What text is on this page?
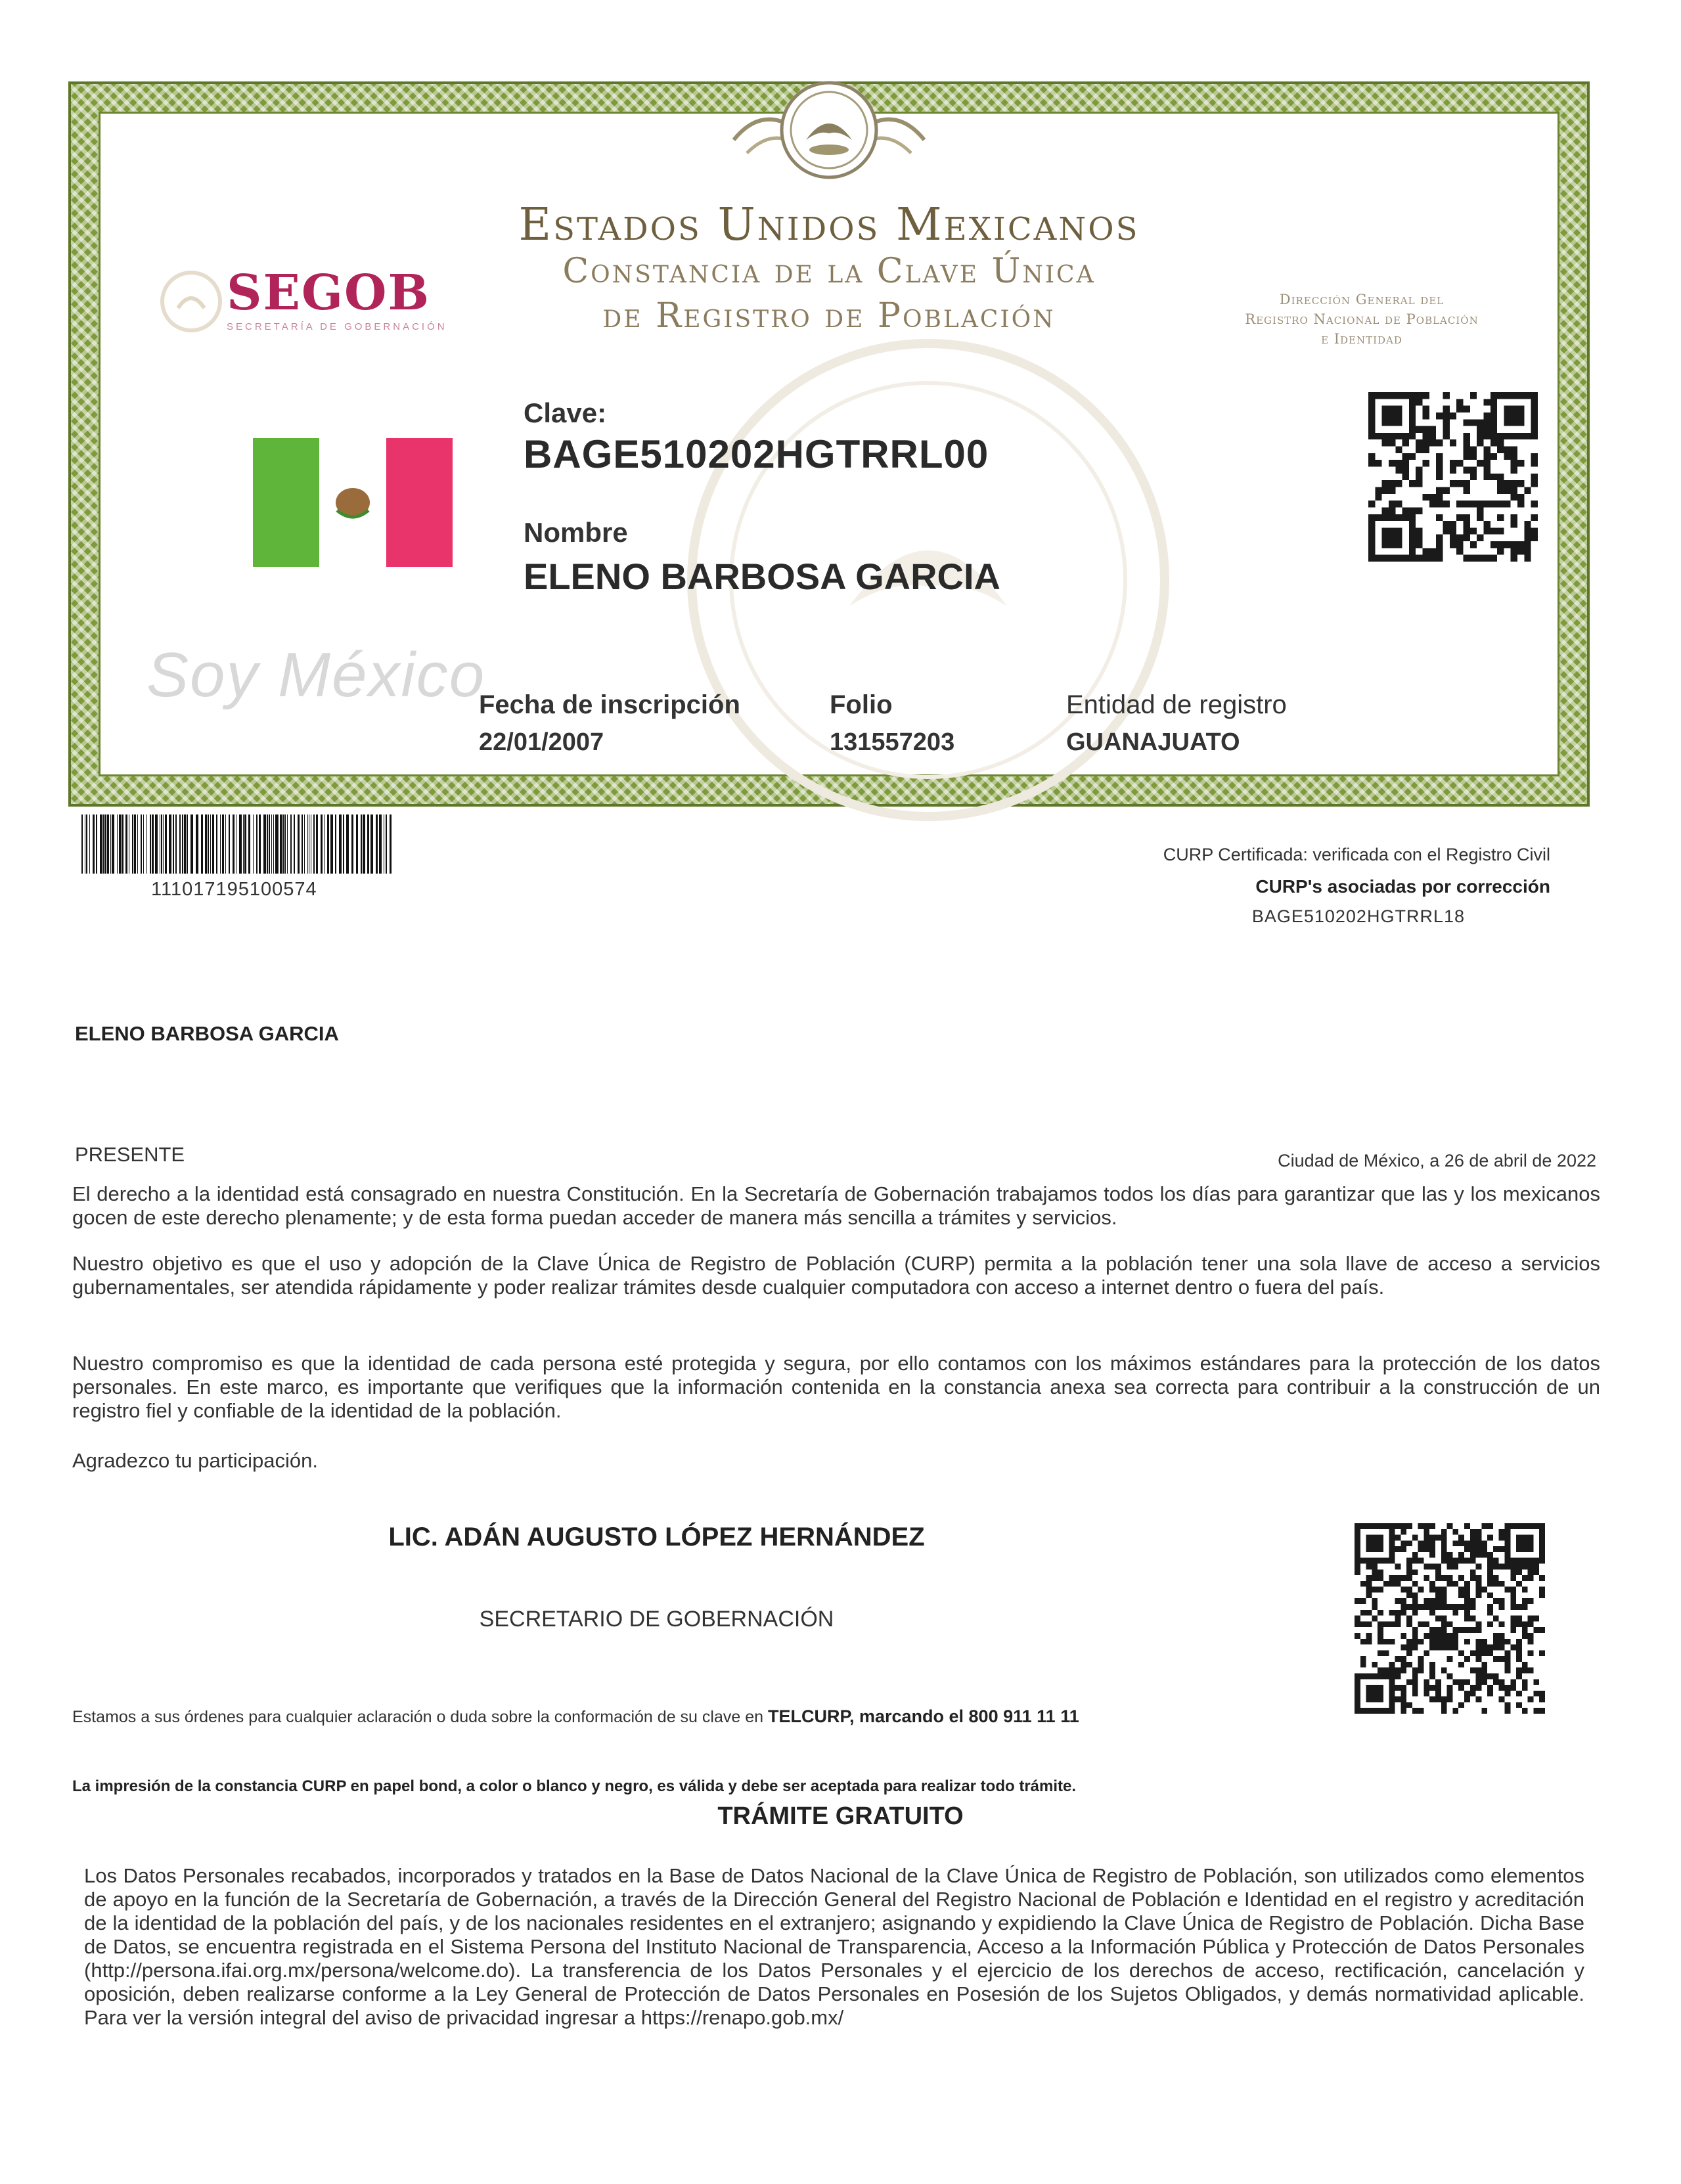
Estados Unidos Mexicanos
Constancia de la Clave Única
de Registro de Población
SEGOB
SECRETARÍA DE GOBERNACIÓN
Dirección General del
Registro Nacional de Población
e Identidad
Soy México
Clave:
BAGE510202HGTRRL00
Nombre
ELENO BARBOSA GARCIA
Fecha de inscripción
22/01/2007
Folio
131557203
Entidad de registro
GUANAJUATO
111017195100574
CURP Certificada: verificada con el Registro Civil
CURP's asociadas por corrección
BAGE510202HGTRRL18
ELENO BARBOSA GARCIA
PRESENTE	Ciudad de México, a 26 de abril de 2022
El derecho a la identidad está consagrado en nuestra Constitución. En la Secretaría de Gobernación trabajamos todos los días para garantizar que las y los mexicanos gocen de este derecho plenamente; y de esta forma puedan acceder de manera más sencilla a trámites y servicios.
Nuestro objetivo es que el uso y adopción de la Clave Única de Registro de Población (CURP) permita a la población tener una sola llave de acceso a servicios gubernamentales, ser atendida rápidamente y poder realizar trámites desde cualquier computadora con acceso a internet dentro o fuera del país.
Nuestro compromiso es que la identidad de cada persona esté protegida y segura, por ello contamos con los máximos estándares para la protección de los datos personales. En este marco, es importante que verifiques que la información contenida en la constancia anexa sea correcta para contribuir a la construcción de un registro fiel y confiable de la identidad de la población.
Agradezco tu participación.
LIC. ADÁN AUGUSTO LÓPEZ HERNÁNDEZ
SECRETARIO DE GOBERNACIÓN
Estamos a sus órdenes para cualquier aclaración o duda sobre la conformación de su clave en TELCURP, marcando el 800 911 11 11
La impresión de la constancia CURP en papel bond, a color o blanco y negro, es válida y debe ser aceptada para realizar todo trámite.
TRÁMITE GRATUITO
Los Datos Personales recabados, incorporados y tratados en la Base de Datos Nacional de la Clave Única de Registro de Población, son utilizados como elementos de apoyo en la función de la Secretaría de Gobernación, a través de la Dirección General del Registro Nacional de Población e Identidad en el registro y acreditación de la identidad de la población del país, y de los nacionales residentes en el extranjero; asignando y expidiendo la Clave Única de Registro de Población. Dicha Base de Datos, se encuentra registrada en el Sistema Persona del Instituto Nacional de Transparencia, Acceso a la Información Pública y Protección de Datos Personales (http://persona.ifai.org.mx/persona/welcome.do). La transferencia de los Datos Personales y el ejercicio de los derechos de acceso, rectificación, cancelación y oposición, deben realizarse conforme a la Ley General de Protección de Datos Personales en Posesión de los Sujetos Obligados, y demás normatividad aplicable. Para ver la versión integral del aviso de privacidad ingresar a https://renapo.gob.mx/
